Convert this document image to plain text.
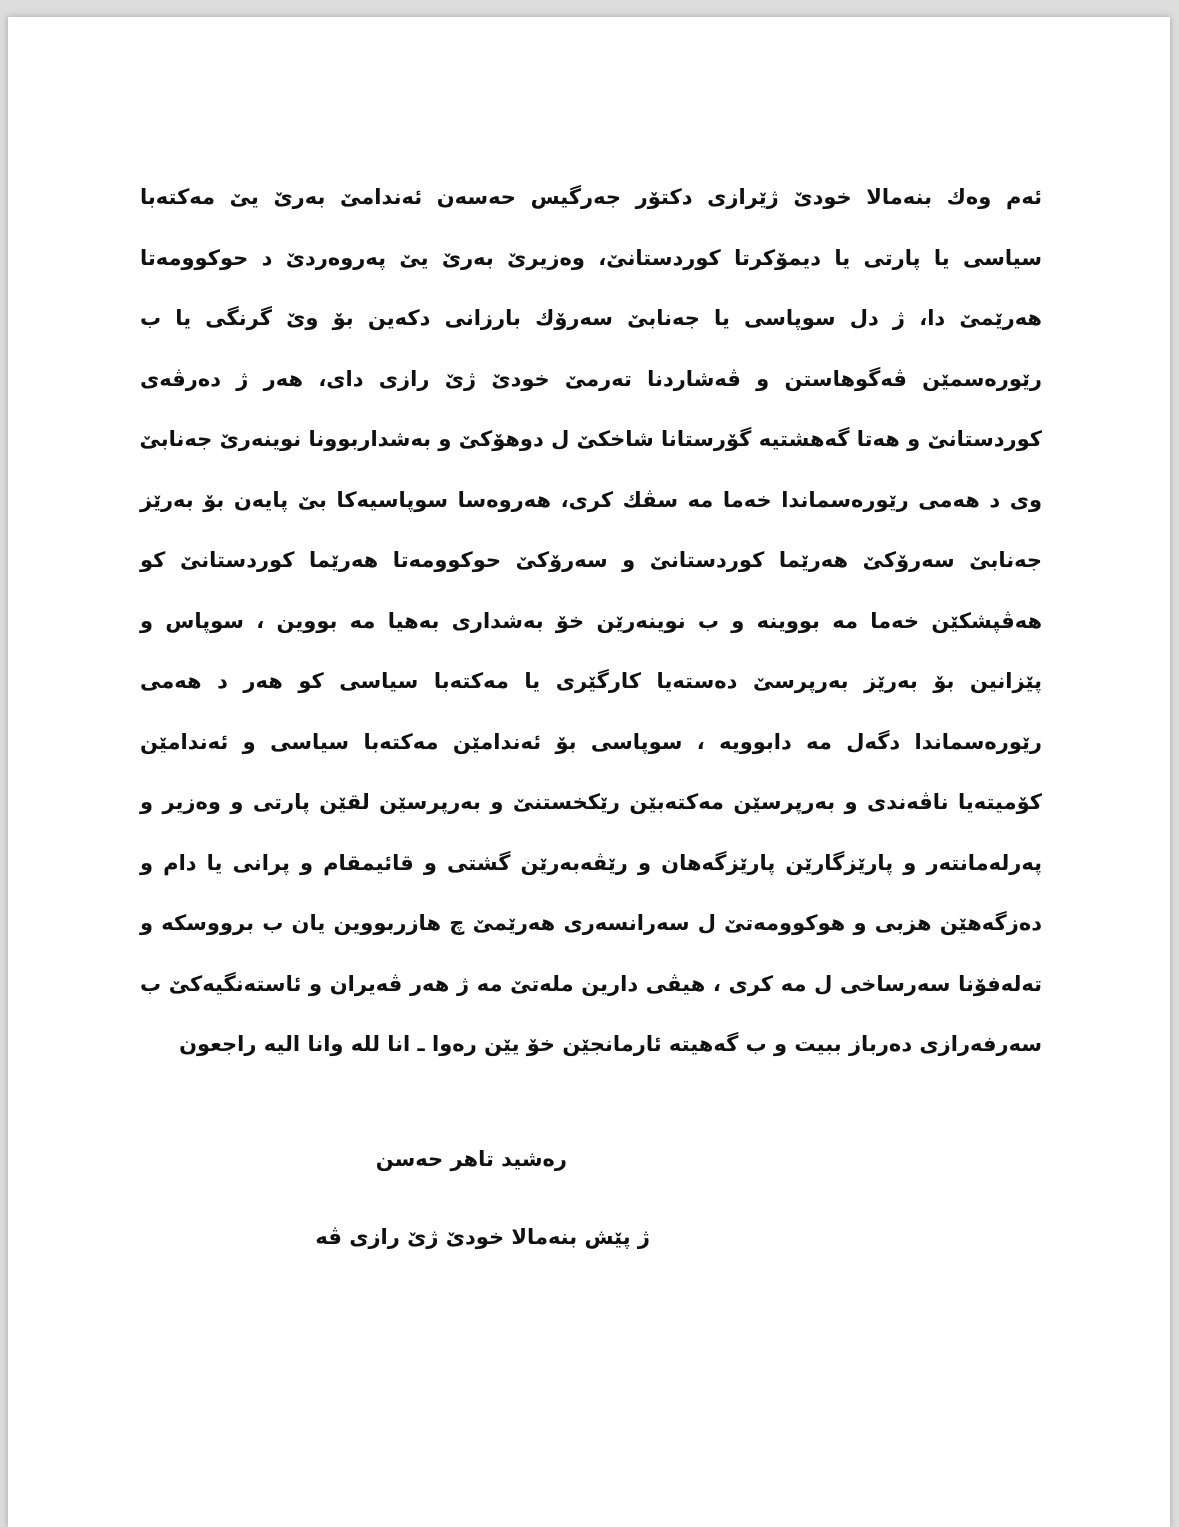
ئەم وەك بنەمالا خودێ ژێرازی دكتۆر جەرگیس حەسەن ئەندامێ بەرێ یێ مەكتەبا
سیاسی یا پارتی یا دیمۆكرتا كوردستانێ، وەزیرێ بەرێ یێ پەروەردێ د حوكوومەتا
هەرێمێ دا، ژ دل سوپاسی یا جەنابێ سەرۆك بارزانی دكەین بۆ وێ گرنگی یا ب
رێورەسمێن ڤەگوهاستن و ڤەشاردنا تەرمێ خودێ ژێ رازی دای، هەر ژ دەرڤەی
كوردستانێ و هەتا گەهشتیە گۆرستانا شاخكێ ل دوهۆكێ و بەشداربوونا نوینەرێ جەنابێ
وی د هەمی رێورەسماندا خەما مە سڤك كری، هەروەسا سوپاسیەكا بێ پایەن بۆ بەرێز
جەنابێ سەرۆكێ هەرێما كوردستانێ و سەرۆكێ حوكوومەتا هەرێما كوردستانێ كو
هەڤپشكێن خەما مە بووینە و ب نوینەرێن خۆ بەشداری بەهیا مە بووین ، سوپاس و
پێزانین بۆ بەرێز بەرپرسێ دەستەیا كارگێری یا مەكتەبا سیاسی كو هەر د هەمی
رێورەسماندا دگەل مە دابوویە ، سوپاسی بۆ ئەندامێن مەكتەبا سیاسی و ئەندامێن
كۆمیتەیا ناڤەندی و بەرپرسێن مەكتەبێن رێكخستنێ و بەرپرسێن لقێن پارتی و وەزیر و
پەرلەمانتەر و پارێزگارێن پارێزگەهان و رێڤەبەرێن گشتی و قائیمقام و پرانی یا دام و
دەزگەهێن هزبی و هوكوومەتێ ل سەرانسەری هەرێمێ چ هازربووین یان ب برووسكە و
تەلەفۆنا سەرساخی ل مە كری ، هیڤی دارین ملەتێ مە ژ هەر ڤەیران و ئاستەنگیەكێ ب
سەرفەرازی دەرباز ببیت و ب گەهیتە ئارمانجێن خۆ یێن رەوا ـ انا لله وانا الیه راجعون
رەشید تاهر حەسن
ژ پێش بنەمالا خودێ ژێ رازی ڤە
